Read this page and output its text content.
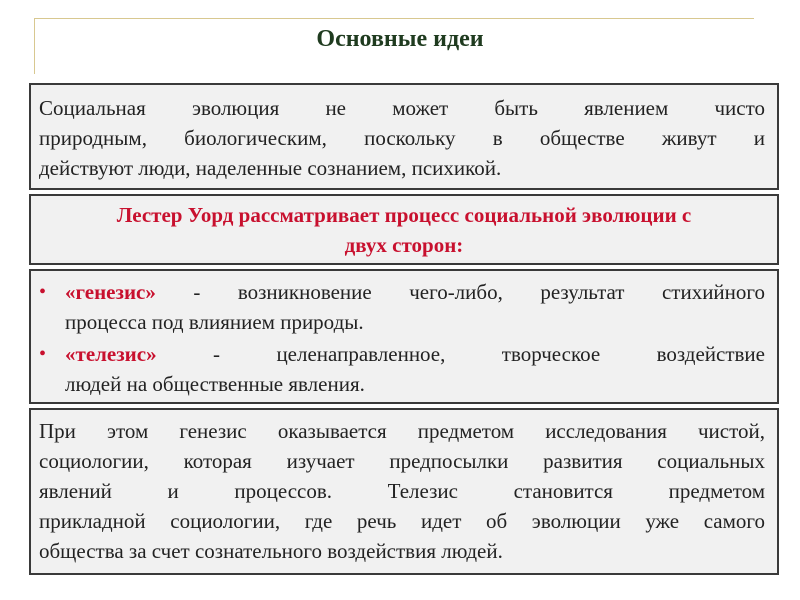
Основные идеи
Социальная эволюция не может быть явлением чисто
природным, биологическим, поскольку в обществе живут и
действуют люди, наделенные сознанием, психикой.
Лестер Уорд рассматривает процесс социальной эволюции с
двух сторон:
• «генезис» - возникновение чего-либо, результат стихийного
процесса под влиянием природы.
• «телезис» - целенаправленное, творческое воздействие
людей на общественные явления.
При этом генезис оказывается предметом исследования чистой,
социологии, которая изучает предпосылки развития социальных
явлений и процессов. Телезис становится предметом
прикладной социологии, где речь идет об эволюции уже самого
общества за счет сознательного воздействия людей.
